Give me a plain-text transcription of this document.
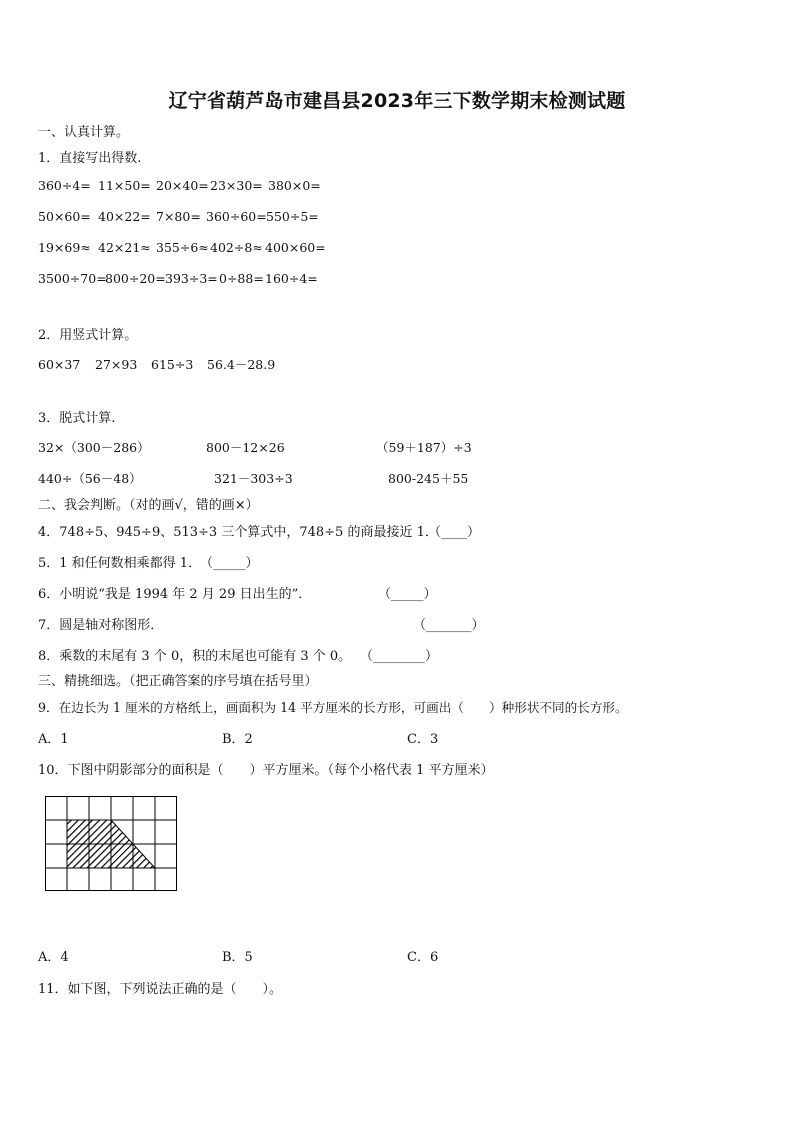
辽宁省葫芦岛市建昌县2023年三下数学期末检测试题
一、认真计算。
1．直接写出得数.
360÷4= 11×50= 20×40=23×30= 380×0=
50×60= 40×22= 7×80= 360÷60=550÷5=
19×69≈ 42×21≈ 355÷6≈402÷8≈ 400×60=
3500÷70=800÷20=393÷3=0÷88=160÷4=
2．用竖式计算。
60×37 27×93 615÷3 56.4－28.9
3．脱式计算.
32×（300－286）	800－12×26	（59＋187）÷3
440÷（56－48）	321－303÷3	800-245＋55
二、我会判断。（对的画√，错的画×）
4．748÷5、945÷9、513÷3 三个算式中，748÷5 的商最接近 1．
（____）
5．1 和任何数相乘都得 1．
（_____）
6．小明说“我是 1994 年 2 月 29 日出生的”．	（_____）
7．圆是轴对称图形．	（_______）
8．乘数的末尾有 3 个 0，积的末尾也可能有 3 个 0。 （________）
三、精挑细选。（把正确答案的序号填在括号里）
9．在边长为 1 厘米的方格纸上，画面积为 14 平方厘米的长方形，可画出（　　）种形状不同的长方形。
A．1	B．2	C．3
10．下图中阴影部分的面积是（　　）平方厘米。（每个小格代表 1 平方厘米）
A．4	B．5	C．6
11．如下图，下列说法正确的是（　　）。
